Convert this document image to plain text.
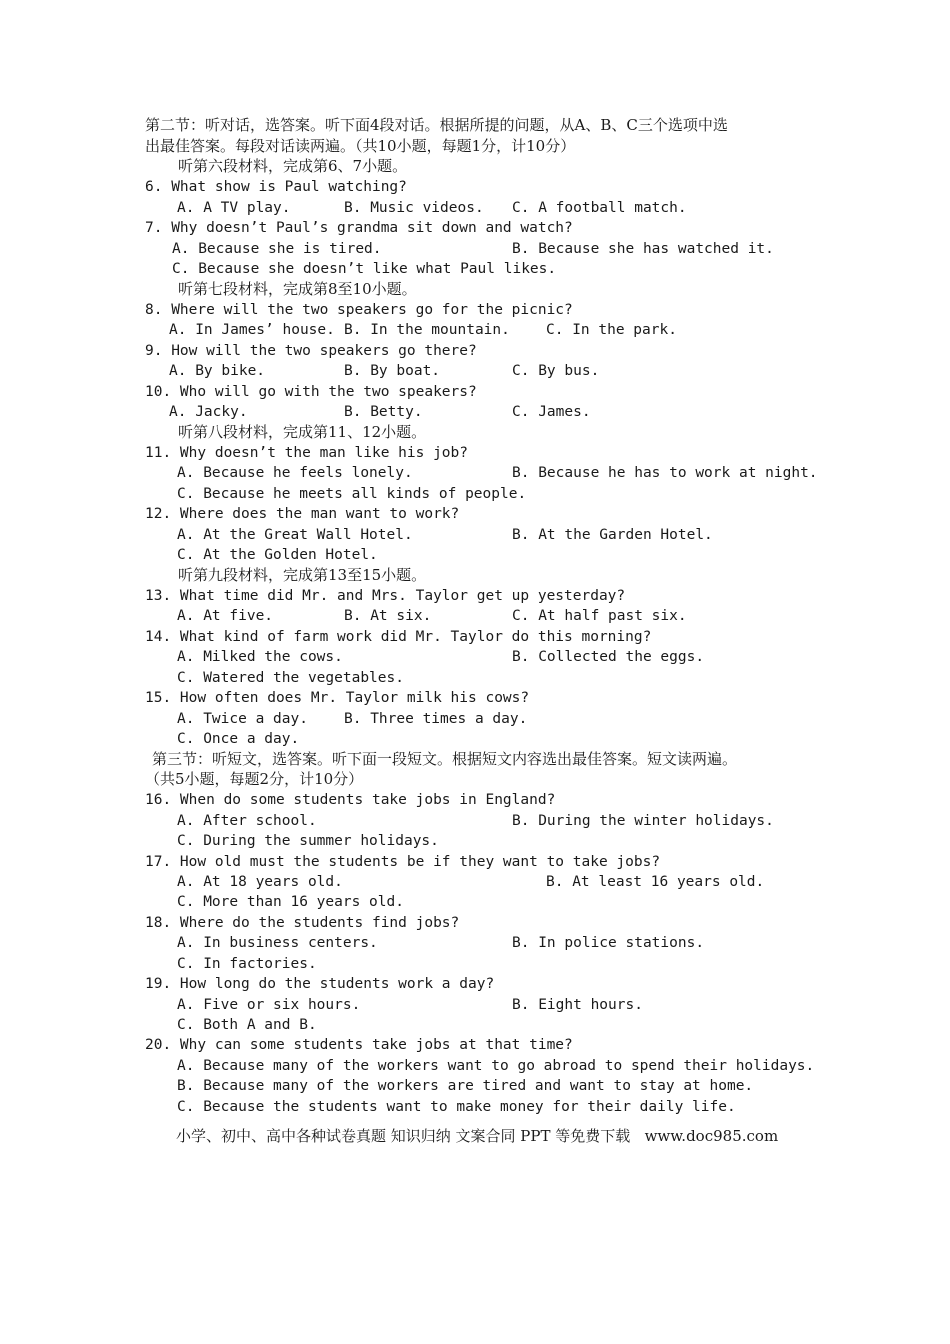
第二节：听对话，选答案。听下面4段对话。根据所提的问题，从A、B、C三个选项中选
出最佳答案。每段对话读两遍。（共10小题，每题1分，计10分）
听第六段材料，完成第6、7小题。
6. What show is Paul watching?
A. A TV play.	B. Music videos. C. A football match.
7. Why doesn’t Paul’s grandma sit down and watch?
A. Because she is tired.	B. Because she has watched it.
C. Because she doesn’t like what Paul likes.
听第七段材料，完成第8至10小题。
8. Where will the two speakers go for the picnic?
A. In James’ house. B. In the mountain. C. In the park.
9. How will the two speakers go there?
A. By bike.	B. By boat.	C. By bus.
10. Who will go with the two speakers?
A. Jacky.	B. Betty.	C. James.
听第八段材料，完成第11、12小题。
11. Why doesn’t the man like his job?
A. Because he feels lonely.	B. Because he has to work at night.
C. Because he meets all kinds of people.
12. Where does the man want to work?
A. At the Great Wall Hotel.	B. At the Garden Hotel.
C. At the Golden Hotel.
听第九段材料，完成第13至15小题。
13. What time did Mr. and Mrs. Taylor get up yesterday?
A. At five.	B. At six.	C. At half past six.
14. What kind of farm work did Mr. Taylor do this morning?
A. Milked the cows.	B. Collected the eggs.
C. Watered the vegetables.
15. How often does Mr. Taylor milk his cows?
A. Twice a day. B. Three times a day.
C. Once a day.
第三节：听短文，选答案。听下面一段短文。根据短文内容选出最佳答案。短文读两遍。
（共5小题，每题2分，计10分）
16. When do some students take jobs in England?
A. After school.	B. During the winter holidays.
C. During the summer holidays.
17. How old must the students be if they want to take jobs?
A. At 18 years old.	B. At least 16 years old.
C. More than 16 years old.
18. Where do the students find jobs?
A. In business centers.	B. In police stations.
C. In factories.
19. How long do the students work a day?
A. Five or six hours.	B. Eight hours.
C. Both A and B.
20. Why can some students take jobs at that time?
A. Because many of the workers want to go abroad to spend their holidays.
B. Because many of the workers are tired and want to stay at home.
C. Because the students want to make money for their daily life.
小学、初中、高中各种试卷真题 知识归纳 文案合同 PPT 等免费下载   www.doc985.com
